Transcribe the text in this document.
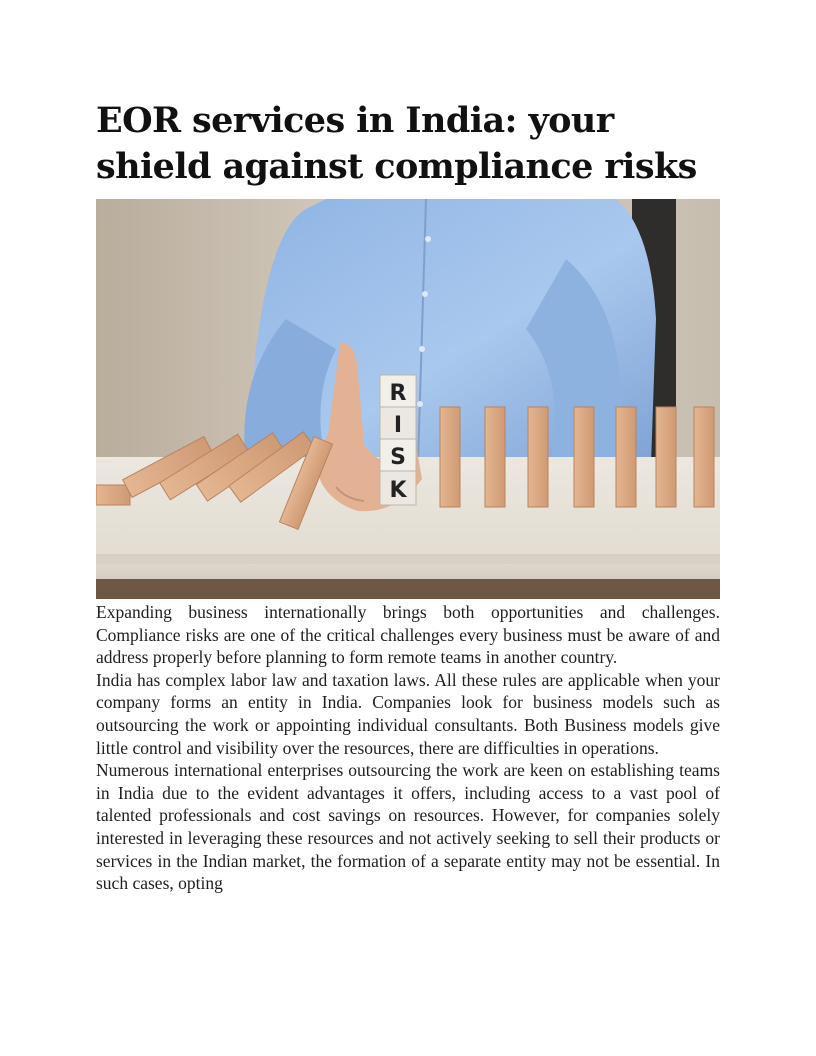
EOR services in India: your shield against compliance risks
R
I
S
K

Expanding business internationally brings both opportunities and challenges. Compliance risks are one of the critical challenges every business must be aware of and address properly before planning to form remote teams in another country.

India has complex labor law and taxation laws. All these rules are applicable when your company forms an entity in India. Companies look for business models such as outsourcing the work or appointing individual consultants. Both Business models give little control and visibility over the resources, there are difficulties in operations.

Numerous international enterprises outsourcing the work are keen on establishing teams in India due to the evident advantages it offers, including access to a vast pool of talented professionals and cost savings on resources. However, for companies solely interested in leveraging these resources and not actively seeking to sell their products or services in the Indian market, the formation of a separate entity may not be essential. In such cases, opting
